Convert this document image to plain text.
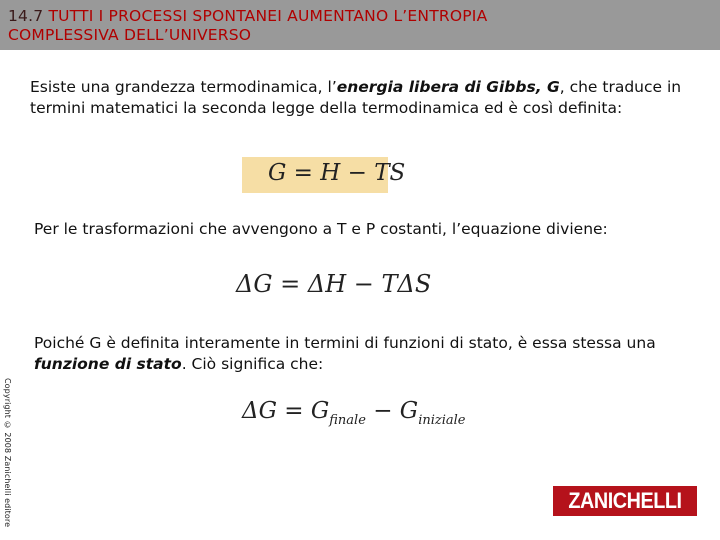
14.7 TUTTI I PROCESSI SPONTANEI AUMENTANO L’ENTROPIA
COMPLESSIVA DELL’UNIVERSO
Esiste una grandezza termodinamica, l’energia libera di Gibbs, G, che traduce in termini matematici la seconda legge della termodinamica ed è così definita:
G = H − TS
Per le trasformazioni che avvengono a T e P costanti, l’equazione diviene:
ΔG = ΔH − TΔS
Poiché G è definita interamente in termini di funzioni di stato, è essa stessa una funzione di stato. Ciò significa che:
$\Delta G = G_{finale} - G_{iniziale}$
Copyright © 2008 Zanichelli editore	ZANICHELLI
